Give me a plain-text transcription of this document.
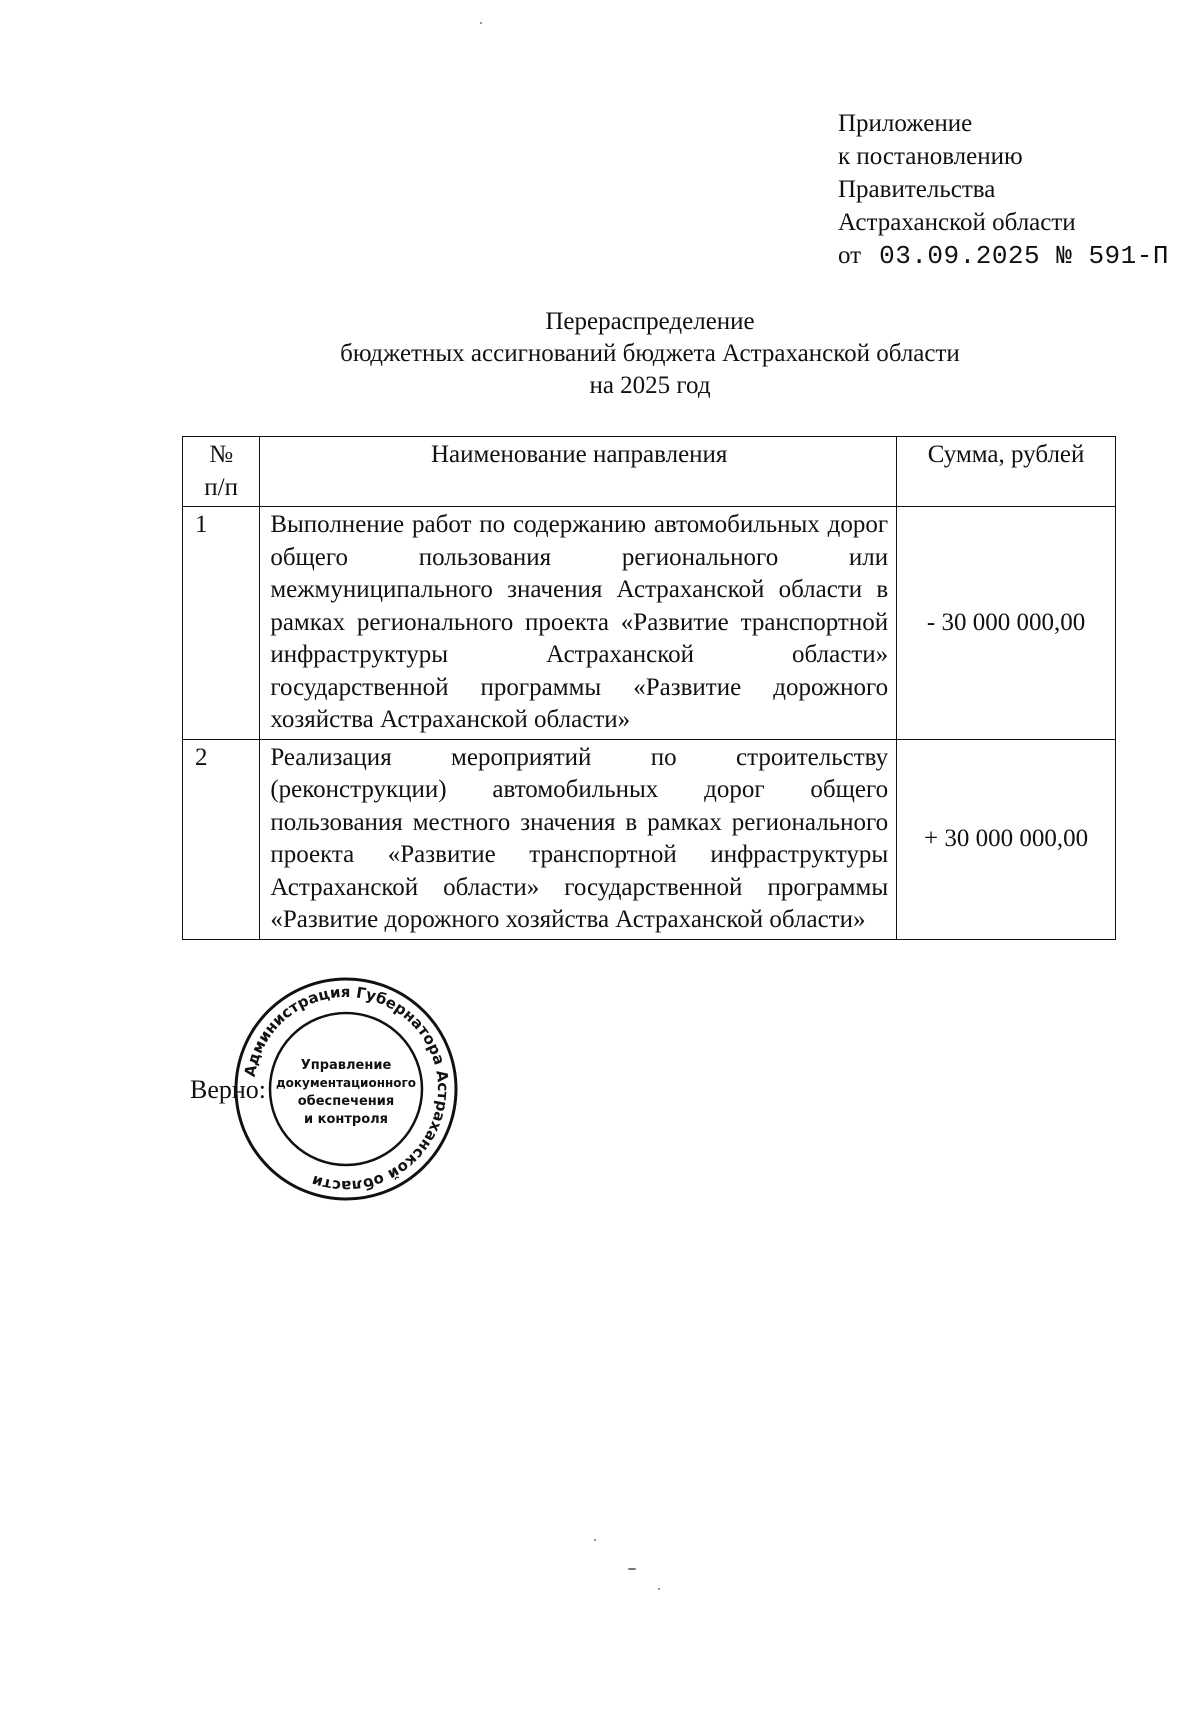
Приложение
к постановлению
Правительства
Астраханской области
от 03.09.2025 № 591-П
Перераспределение
бюджетных ассигнований бюджета Астраханской области
на 2025 год
№
п/п	Наименование направления	Сумма, рублей
1	Выполнение работ по содержанию автомобильных дорог общего пользования регионального или межмуниципального значения Астраханской области в рамках регионального проекта «Развитие транспортной инфраструктуры Астраханской области» государственной программы «Развитие дорожного хозяйства Астраханской области»	- 30 000 000,00
2	Реализация мероприятий по строительству (реконструкции) автомобильных дорог общего пользования местного значения в рамках регионального проекта «Развитие транспортной инфраструктуры Астраханской области» государственной программы «Развитие дорожного хозяйства Астраханской области»	+ 30 000 000,00
Верно:
Администрация Губернатора Астраханской области
Управление
документационного
обеспечения
и контроля
